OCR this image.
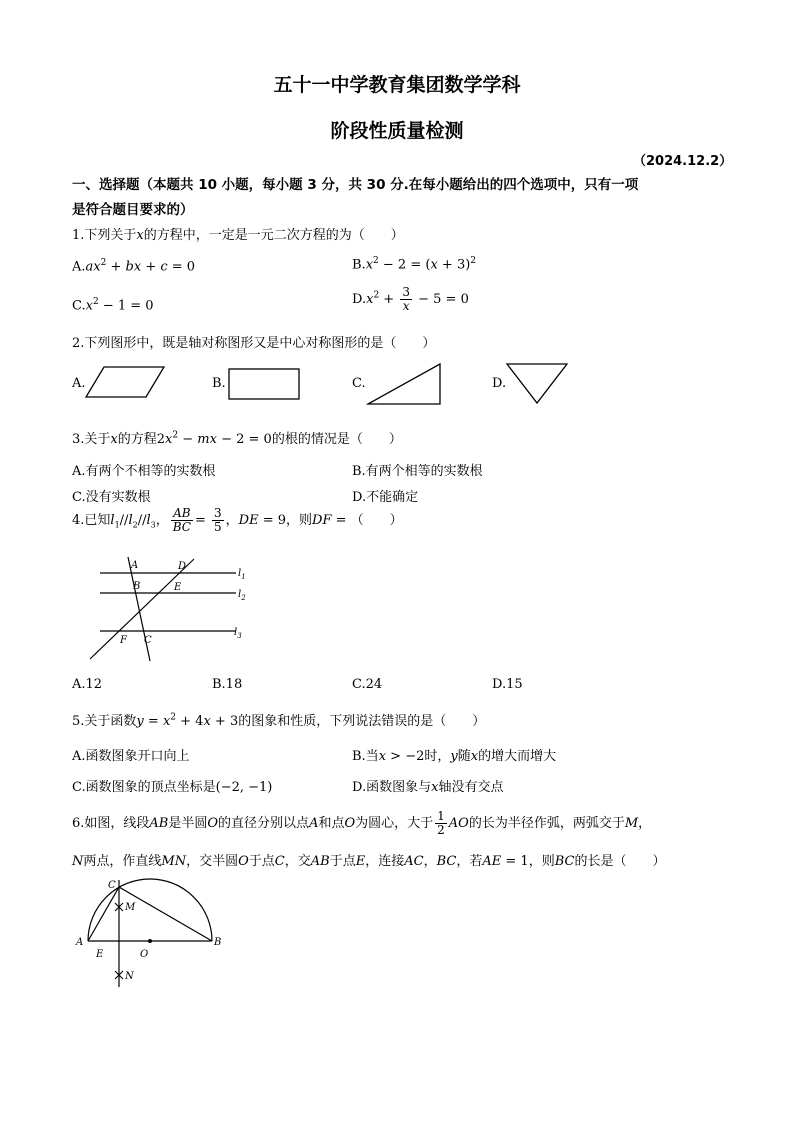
五十一中学教育集团数学学科
阶段性质量检测
（2024.12.2）
一、选择题（本题共 10 小题，每小题 3 分，共 30 分.在每小题给出的四个选项中，只有一项
是符合题目要求的）
1.下列关于x的方程中，一定是一元二次方程的为（　　）
$A.ax^2$ + bx + c = 0	$B.x^2 - 2 = (x + 3)^2$
$C.x^2 - 1 = 0$	$D.x^2 + \frac{3}{x} - 5 = 0$
2.下列图形中，既是轴对称图形又是中心对称图形的是（　　）
A.	B.	C.	D.
3.关于x的方程$2x^2$ − mx − 2 = 0的根的情况是（　　）
A.有两个不相等的实数根	B.有两个相等的实数根
C.没有实数根	D.不能确定
4.已知$l_1//l_2//l_3$， $\frac{AB}{BC} = \frac{3}{5}$ ，DE = 9，则DF = （　　）
A	D
B	E
F C
$l_1$
$l_2$
$l_3$
A.12	B.18	C.24	D.15
5.关于函数$y = x^2 + 4x + 3$的图象和性质，下列说法错误的是（　　）
A.函数图象开口向上	B.当x > −2时，y随x的增大而增大
C.函数图象的顶点坐标是(−2, −1)	D.函数图象与x轴没有交点
6.如图，线段AB是半圆O的直径分别以点A和点O为圆心，大于 $\frac{1}{2}$ AO的长为半径作弧，两弧交于M，
N两点，作直线MN，交半圆O于点C，交AB于点E，连接AC，BC，若AE = 1，则BC的长是（　　）
C
M
A	B
E	O
N
